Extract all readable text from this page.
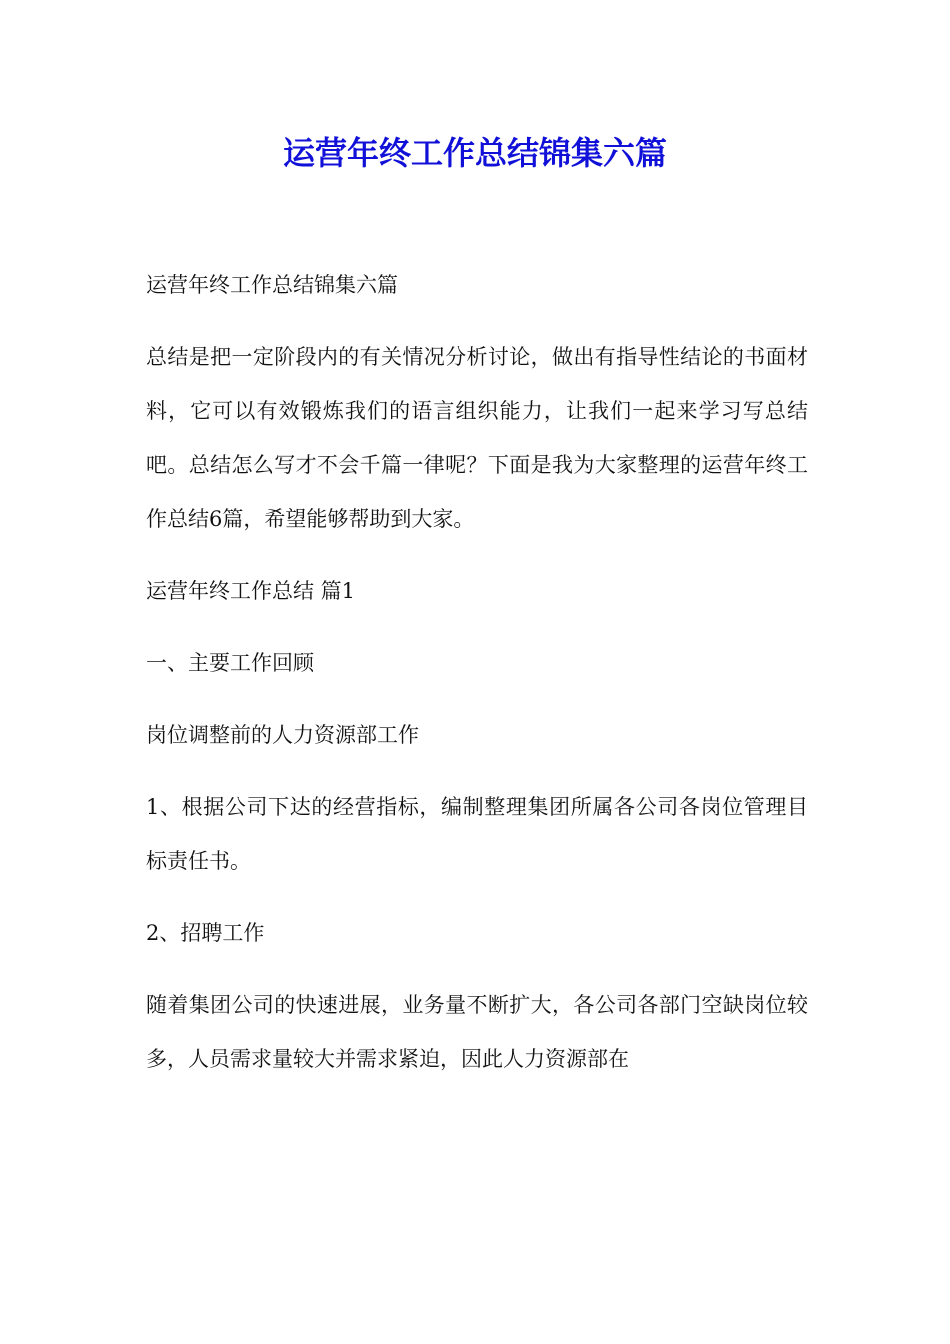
运营年终工作总结锦集六篇

运营年终工作总结锦集六篇

总结是把一定阶段内的有关情况分析讨论，做出有指导性结论的书面材料，它可以有效锻炼我们的语言组织能力，让我们一起来学习写总结吧。总结怎么写才不会千篇一律呢？下面是我为大家整理的运营年终工作总结6篇，希望能够帮助到大家。

运营年终工作总结 篇1

一、主要工作回顾

岗位调整前的人力资源部工作

1、根据公司下达的经营指标，编制整理集团所属各公司各岗位管理目标责任书。

2、招聘工作

随着集团公司的快速进展，业务量不断扩大，各公司各部门空缺岗位较多，人员需求量较大并需求紧迫，因此人力资源部在
